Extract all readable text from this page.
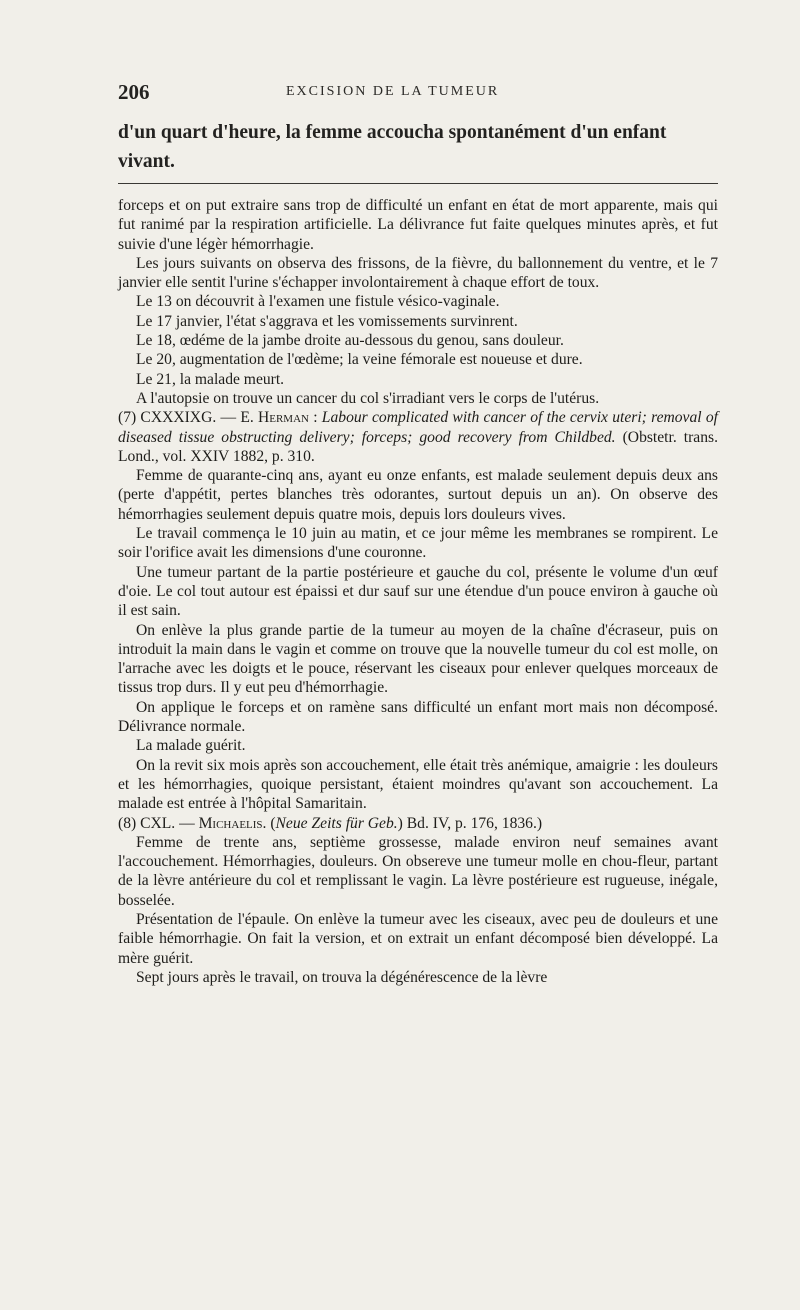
206	EXCISION DE LA TUMEUR

d'un quart d'heure, la femme accoucha spontanément d'un enfant vivant.

forceps et on put extraire sans trop de difficulté un enfant en état de mort apparente, mais qui fut ranimé par la respiration artificielle. La délivrance fut faite quelques minutes après, et fut suivie d'une légèr hémorrhagie.

Les jours suivants on observa des frissons, de la fièvre, du ballonnement du ventre, et le 7 janvier elle sentit l'urine s'échapper involontairement à chaque effort de toux.

Le 13 on découvrit à l'examen une fistule vésico-vaginale.

Le 17 janvier, l'état s'aggrava et les vomissements survinrent.

Le 18, œdéme de la jambe droite au-dessous du genou, sans douleur.

Le 20, augmentation de l'œdème; la veine fémorale est noueuse et dure.

Le 21, la malade meurt.

A l'autopsie on trouve un cancer du col s'irradiant vers le corps de l'utérus.

(7) CXXXIXG. — E. Herman : Labour complicated with cancer of the cervix uteri; removal of diseased tissue obstructing delivery; forceps; good recovery from Childbed. (Obstetr. trans. Lond., vol. XXIV 1882, p. 310.

Femme de quarante-cinq ans, ayant eu onze enfants, est malade seulement depuis deux ans (perte d'appétit, pertes blanches très odorantes, surtout depuis un an). On observe des hémorrhagies seulement depuis quatre mois, depuis lors douleurs vives.

Le travail commença le 10 juin au matin, et ce jour même les membranes se rompirent. Le soir l'orifice avait les dimensions d'une couronne.

Une tumeur partant de la partie postérieure et gauche du col, présente le volume d'un œuf d'oie. Le col tout autour est épaissi et dur sauf sur une étendue d'un pouce environ à gauche où il est sain.

On enlève la plus grande partie de la tumeur au moyen de la chaîne d'écraseur, puis on introduit la main dans le vagin et comme on trouve que la nouvelle tumeur du col est molle, on l'arrache avec les doigts et le pouce, réservant les ciseaux pour enlever quelques morceaux de tissus trop durs. Il y eut peu d'hémorrhagie.

On applique le forceps et on ramène sans difficulté un enfant mort mais non décomposé. Délivrance normale.

La malade guérit.

On la revit six mois après son accouchement, elle était très anémique, amaigrie : les douleurs et les hémorrhagies, quoique persistant, étaient moindres qu'avant son accouchement. La malade est entrée à l'hôpital Samaritain.

(8) CXL. — Michaelis. (Neue Zeits für Geb.) Bd. IV, p. 176, 1836.)

Femme de trente ans, septième grossesse, malade environ neuf semaines avant l'accouchement. Hémorrhagies, douleurs. On obsereve une tumeur molle en chou-fleur, partant de la lèvre antérieure du col et remplissant le vagin. La lèvre postérieure est rugueuse, inégale, bosselée.

Présentation de l'épaule. On enlève la tumeur avec les ciseaux, avec peu de douleurs et une faible hémorrhagie. On fait la version, et on extrait un enfant décomposé bien développé. La mère guérit.

Sept jours après le travail, on trouva la dégénérescence de la lèvre
